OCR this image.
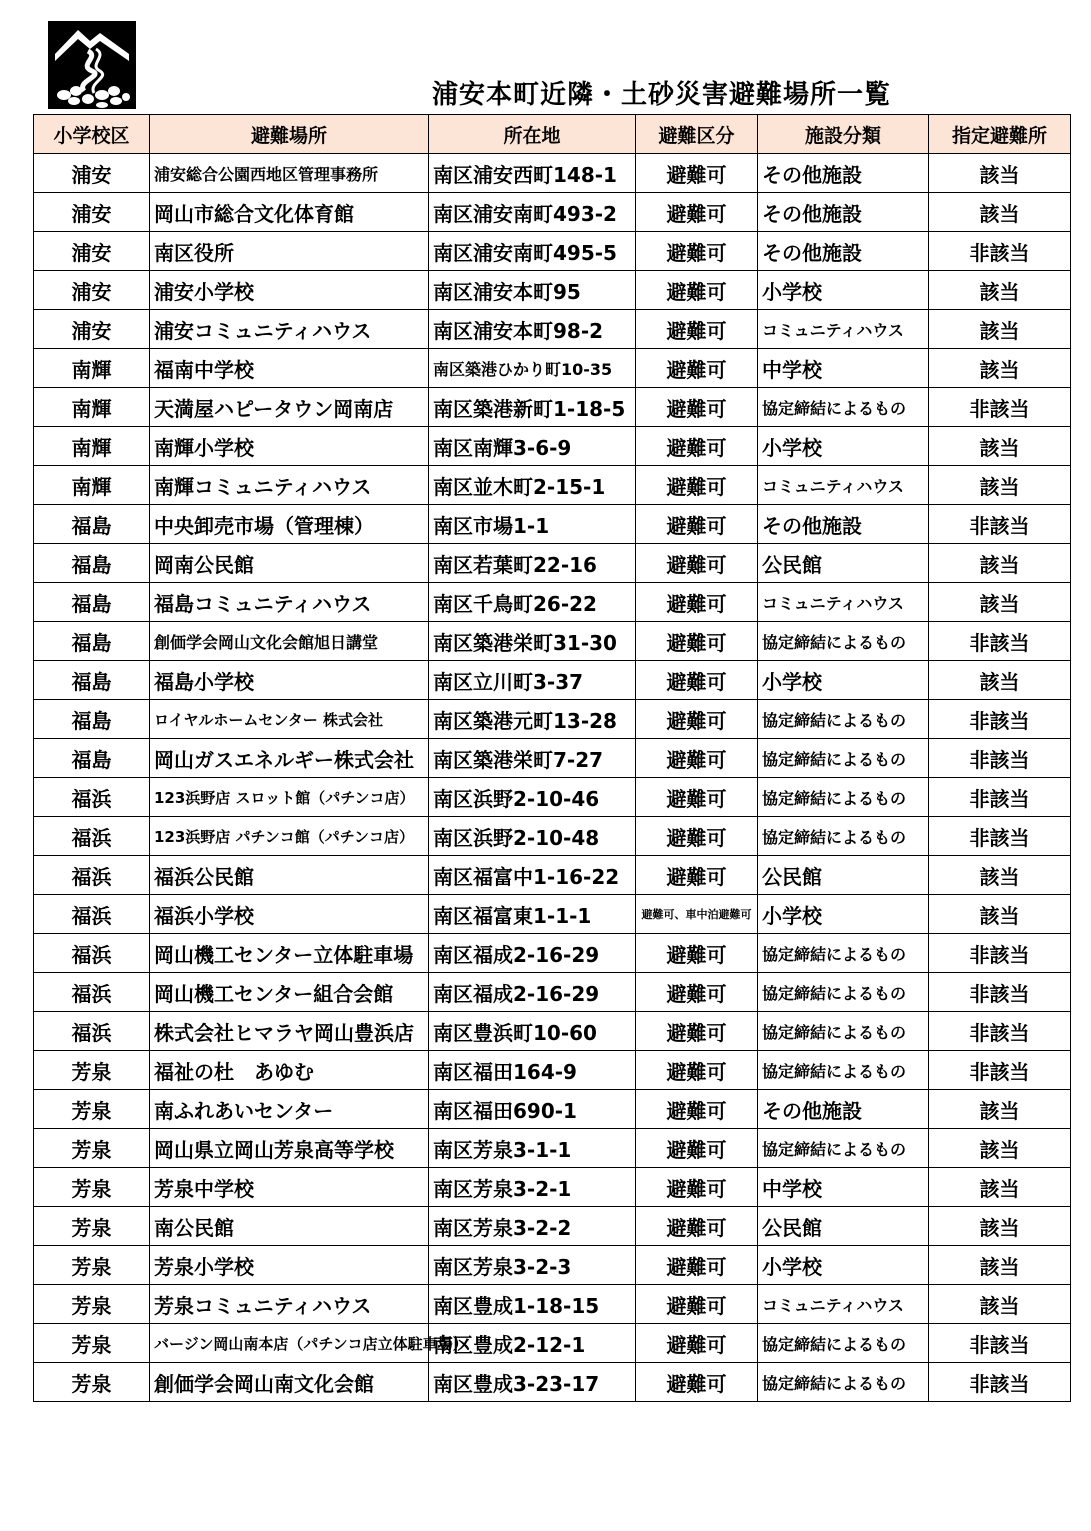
浦安本町近隣・土砂災害避難場所一覧
小学校区	避難場所	所在地	避難区分	施設分類	指定避難所
浦安	浦安総合公園西地区管理事務所	南区浦安西町148-1	避難可	その他施設	該当
浦安	岡山市総合文化体育館	南区浦安南町493-2	避難可	その他施設	該当
浦安	南区役所	南区浦安南町495-5	避難可	その他施設	非該当
浦安	浦安小学校	南区浦安本町95	避難可	小学校	該当
浦安	浦安コミュニティハウス	南区浦安本町98-2	避難可	コミュニティハウス	該当
南輝	福南中学校	南区築港ひかり町10-35	避難可	中学校	該当
南輝	天満屋ハピータウン岡南店	南区築港新町1-18-5	避難可	協定締結によるもの	非該当
南輝	南輝小学校	南区南輝3-6-9	避難可	小学校	該当
南輝	南輝コミュニティハウス	南区並木町2-15-1	避難可	コミュニティハウス	該当
福島	中央卸売市場（管理棟）	南区市場1-1	避難可	その他施設	非該当
福島	岡南公民館	南区若葉町22-16	避難可	公民館	該当
福島	福島コミュニティハウス	南区千鳥町26-22	避難可	コミュニティハウス	該当
福島	創価学会岡山文化会館旭日講堂	南区築港栄町31-30	避難可	協定締結によるもの	非該当
福島	福島小学校	南区立川町3-37	避難可	小学校	該当
福島	ロイヤルホームセンター 株式会社	南区築港元町13-28	避難可	協定締結によるもの	非該当
福島	岡山ガスエネルギー株式会社	南区築港栄町7-27	避難可	協定締結によるもの	非該当
福浜	123浜野店 スロット館（パチンコ店）	南区浜野2-10-46	避難可	協定締結によるもの	非該当
福浜	123浜野店 パチンコ館（パチンコ店）	南区浜野2-10-48	避難可	協定締結によるもの	非該当
福浜	福浜公民館	南区福富中1-16-22	避難可	公民館	該当
福浜	福浜小学校	南区福富東1-1-1	避難可、車中泊避難可	小学校	該当
福浜	岡山機工センター立体駐車場	南区福成2-16-29	避難可	協定締結によるもの	非該当
福浜	岡山機工センター組合会館	南区福成2-16-29	避難可	協定締結によるもの	非該当
福浜	株式会社ヒマラヤ岡山豊浜店	南区豊浜町10-60	避難可	協定締結によるもの	非該当
芳泉	福祉の杜　あゆむ	南区福田164-9	避難可	協定締結によるもの	非該当
芳泉	南ふれあいセンター	南区福田690-1	避難可	その他施設	該当
芳泉	岡山県立岡山芳泉高等学校	南区芳泉3-1-1	避難可	協定締結によるもの	該当
芳泉	芳泉中学校	南区芳泉3-2-1	避難可	中学校	該当
芳泉	南公民館	南区芳泉3-2-2	避難可	公民館	該当
芳泉	芳泉小学校	南区芳泉3-2-3	避難可	小学校	該当
芳泉	芳泉コミュニティハウス	南区豊成1-18-15	避難可	コミュニティハウス	該当
芳泉	バージン岡山南本店（パチンコ店立体駐車場）	南区豊成2-12-1	避難可	協定締結によるもの	非該当
芳泉	創価学会岡山南文化会館	南区豊成3-23-17	避難可	協定締結によるもの	非該当
